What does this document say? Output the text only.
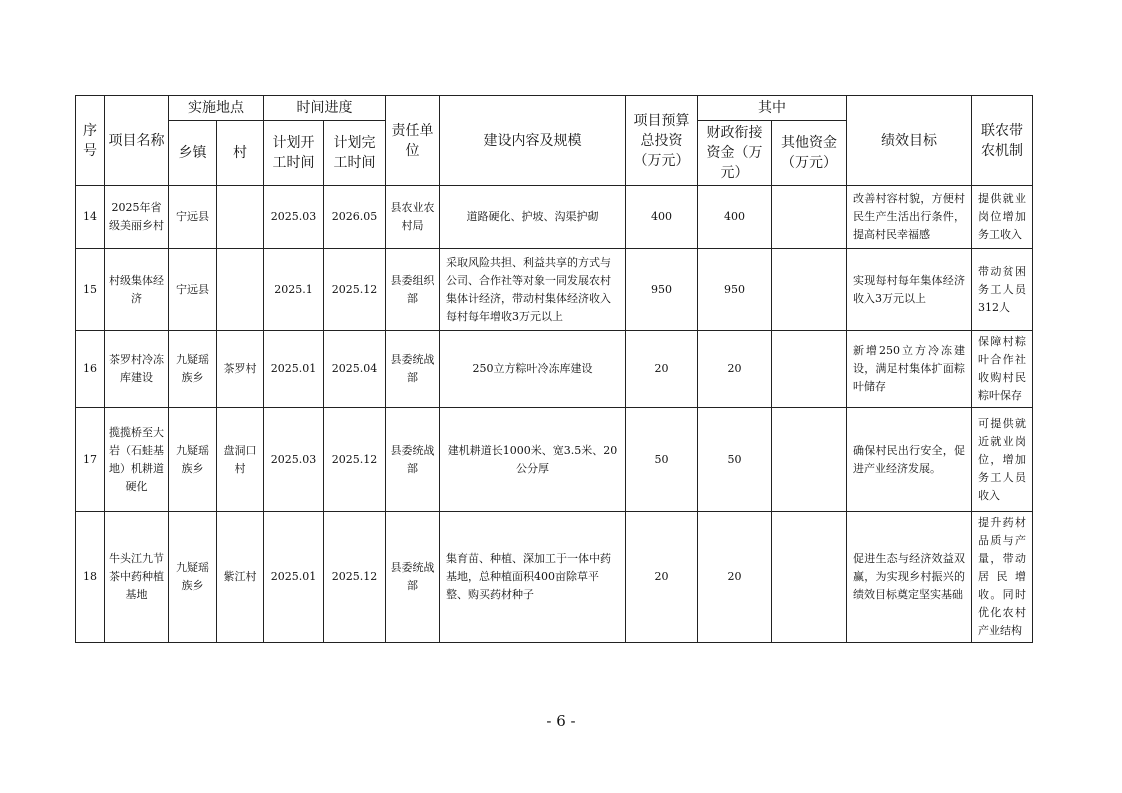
序号	项目名称	实施地点		时间进度		责任单位	建设内容及规模	项目预算总投资（万元）	其中		绩效目标	联农带农机制
		乡镇	村	计划开工时间	计划完工时间				财政衔接资金（万元）	其他资金（万元）		
14	2025年省级美丽乡村	宁远县		2025.03	2026.05	县农业农村局	道路硬化、护坡、沟渠护砌	400	400		改善村容村貌，方便村民生产生活出行条件，提高村民幸福感	提供就业岗位增加务工收入
15	村级集体经济	宁远县		2025.1	2025.12	县委组织部	采取风险共担、利益共享的方式与公司、合作社等对象一同发展农村集体计经济，带动村集体经济收入每村每年增收3万元以上	950	950		实现每村每年集体经济收入3万元以上	带动贫困务工人员312人
16	茶罗村冷冻库建设	九疑瑶族乡	茶罗村	2025.01	2025.04	县委统战部	250立方粽叶冷冻库建设	20	20		新增250立方冷冻建设，满足村集体扩面粽叶储存	保障村粽叶合作社收购村民粽叶保存
17	揽揽桥至大岩（石蛙基地）机耕道硬化	九疑瑶族乡	盘洞口村	2025.03	2025.12	县委统战部	建机耕道长1000米、宽3.5米、20公分厚	50	50		确保村民出行安全，促进产业经济发展。	可提供就近就业岗位，增加务工人员收入
18	牛头江九节茶中药种植基地	九疑瑶族乡	紫江村	2025.01	2025.12	县委统战部	集育苗、种植、深加工于一体中药基地，总种植面积400亩除草平整、购买药材种子	20	20		促进生态与经济效益双赢，为实现乡村振兴的绩效目标奠定坚实基础	提升药材品质与产量，带动居民增收。同时优化农村产业结构
- 6 -
